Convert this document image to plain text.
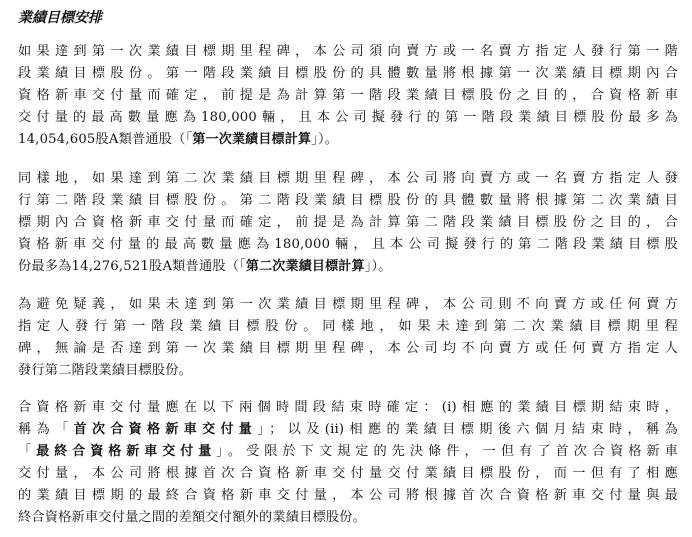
業績目標安排
如果達到第一次業績目標期里程碑，本公司須向賣方或一名賣方指定人發行第一階
段業績目標股份。第一階段業績目標股份的具體數量將根據第一次業績目標期內合
資格新車交付量而確定，前提是為計算第一階段業績目標股份之目的，合資格新車
交付量的最高數量應為180,000輛，且本公司擬發行的第一階段業績目標股份最多為
14,054,605股A類普通股（「第一次業績目標計算」）。
同樣地，如果達到第二次業績目標期里程碑，本公司將向賣方或一名賣方指定人發
行第二階段業績目標股份。第二階段業績目標股份的具體數量將根據第二次業績目
標期內合資格新車交付量而確定，前提是為計算第二階段業績目標股份之目的，合
資格新車交付量的最高數量應為180,000輛，且本公司擬發行的第二階段業績目標股
份最多為14,276,521股A類普通股（「第二次業績目標計算」）。
為避免疑義，如果未達到第一次業績目標期里程碑，本公司則不向賣方或任何賣方
指定人發行第一階段業績目標股份。同樣地，如果未達到第二次業績目標期里程
碑，無論是否達到第一次業績目標期里程碑，本公司均不向賣方或任何賣方指定人
發行第二階段業績目標股份。
合資格新車交付量應在以下兩個時間段結束時確定：(i)相應的業績目標期結束時，
稱為「首次合資格新車交付量」；以及(ii)相應的業績目標期後六個月結束時，稱為
「最終合資格新車交付量」。受限於下文規定的先決條件，一但有了首次合資格新車
交付量，本公司將根據首次合資格新車交付量交付業績目標股份，而一但有了相應
的業績目標期的最終合資格新車交付量，本公司將根據首次合資格新車交付量與最
終合資格新車交付量之間的差額交付額外的業績目標股份。
